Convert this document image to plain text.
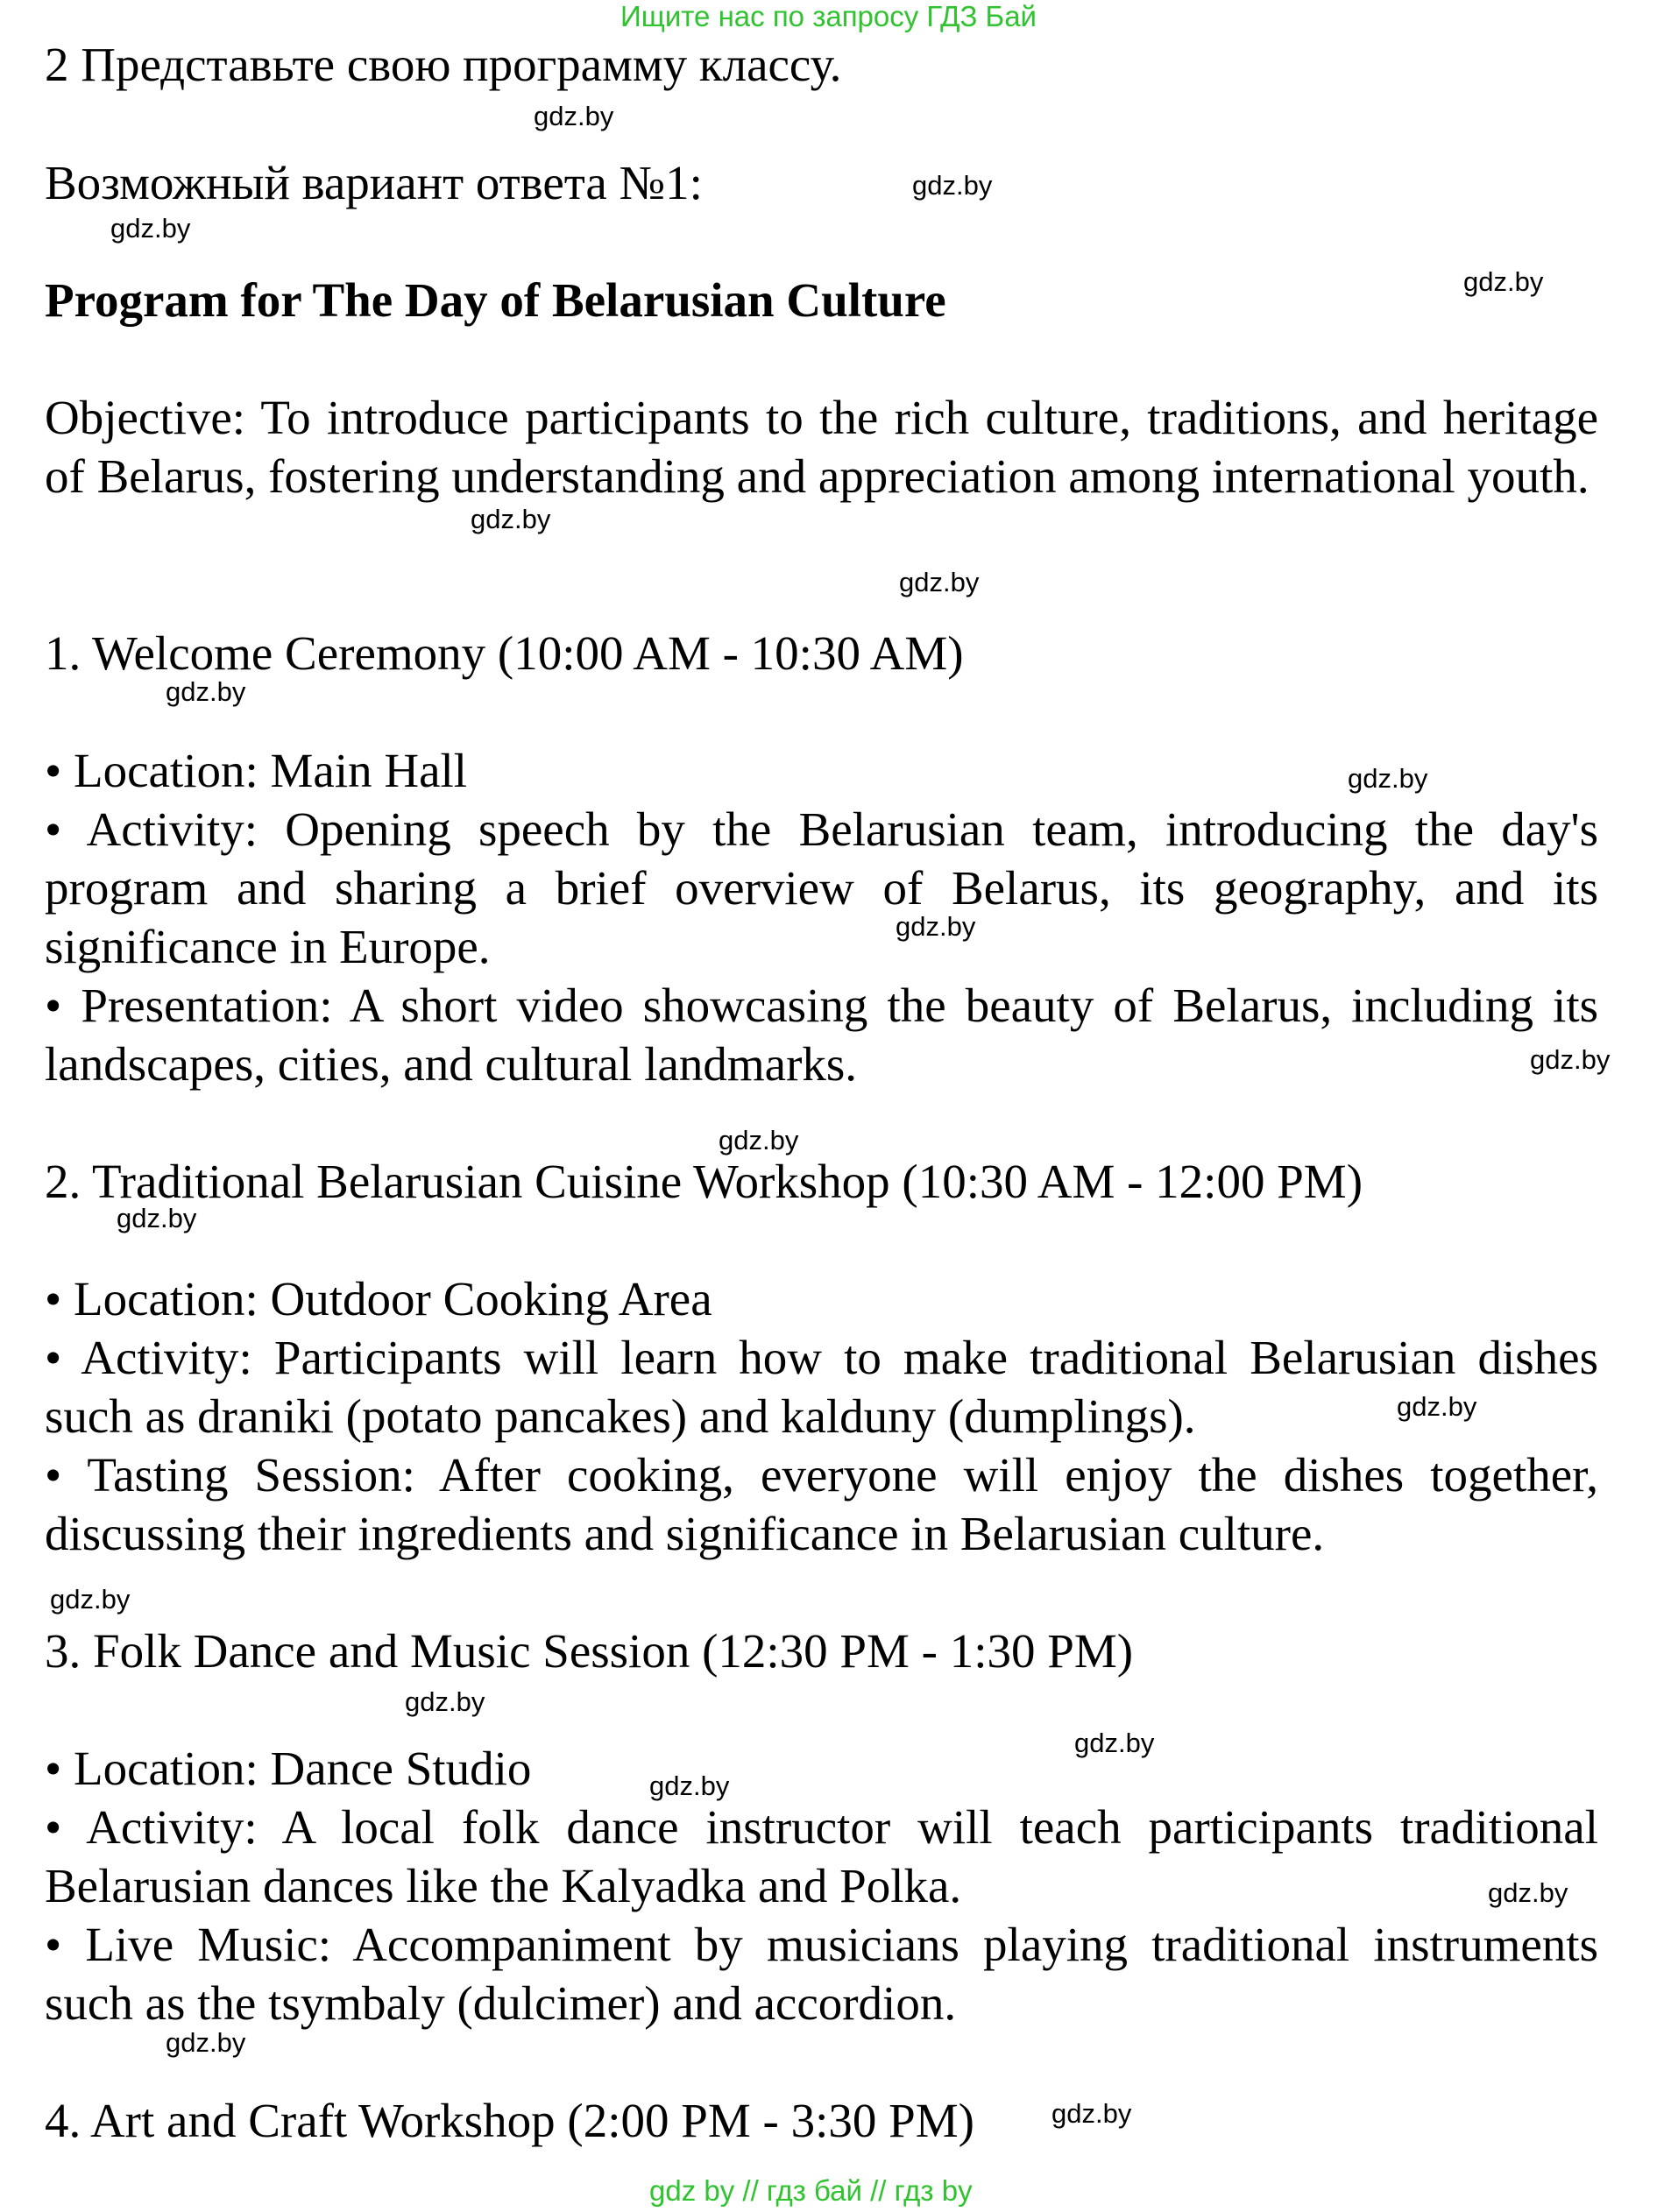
Ищите нас по запросу ГДЗ Бай

2 Представьте свою программу классу.

Возможный вариант ответа №1:

Program for The Day of Belarusian Culture

Objective: To introduce participants to the rich culture, traditions, and heritage of Belarus, fostering understanding and appreciation among international youth.

1. Welcome Ceremony (10:00 AM - 10:30 AM)

• Location: Main Hall

• Activity: Opening speech by the Belarusian team, introducing the day's program and sharing a brief overview of Belarus, its geography, and its significance in Europe.

• Presentation: A short video showcasing the beauty of Belarus, including its landscapes, cities, and cultural landmarks.

2. Traditional Belarusian Cuisine Workshop (10:30 AM - 12:00 PM)

• Location: Outdoor Cooking Area

• Activity: Participants will learn how to make traditional Belarusian dishes such as draniki (potato pancakes) and kalduny (dumplings).

• Tasting Session: After cooking, everyone will enjoy the dishes together, discussing their ingredients and significance in Belarusian culture.

3. Folk Dance and Music Session (12:30 PM - 1:30 PM)

• Location: Dance Studio

• Activity: A local folk dance instructor will teach participants traditional Belarusian dances like the Kalyadka and Polka.

• Live Music: Accompaniment by musicians playing traditional instruments such as the tsymbaly (dulcimer) and accordion.

4. Art and Craft Workshop (2:00 PM - 3:30 PM)

gdz.by
gdz.by
gdz.by
gdz.by
gdz.by
gdz.by
gdz.by
gdz.by
gdz.by
gdz.by
gdz.by
gdz.by
gdz.by
gdz.by
gdz.by
gdz.by
gdz.by
gdz.by
gdz.by
gdz.by
gdz by // гдз бай // гдз by
